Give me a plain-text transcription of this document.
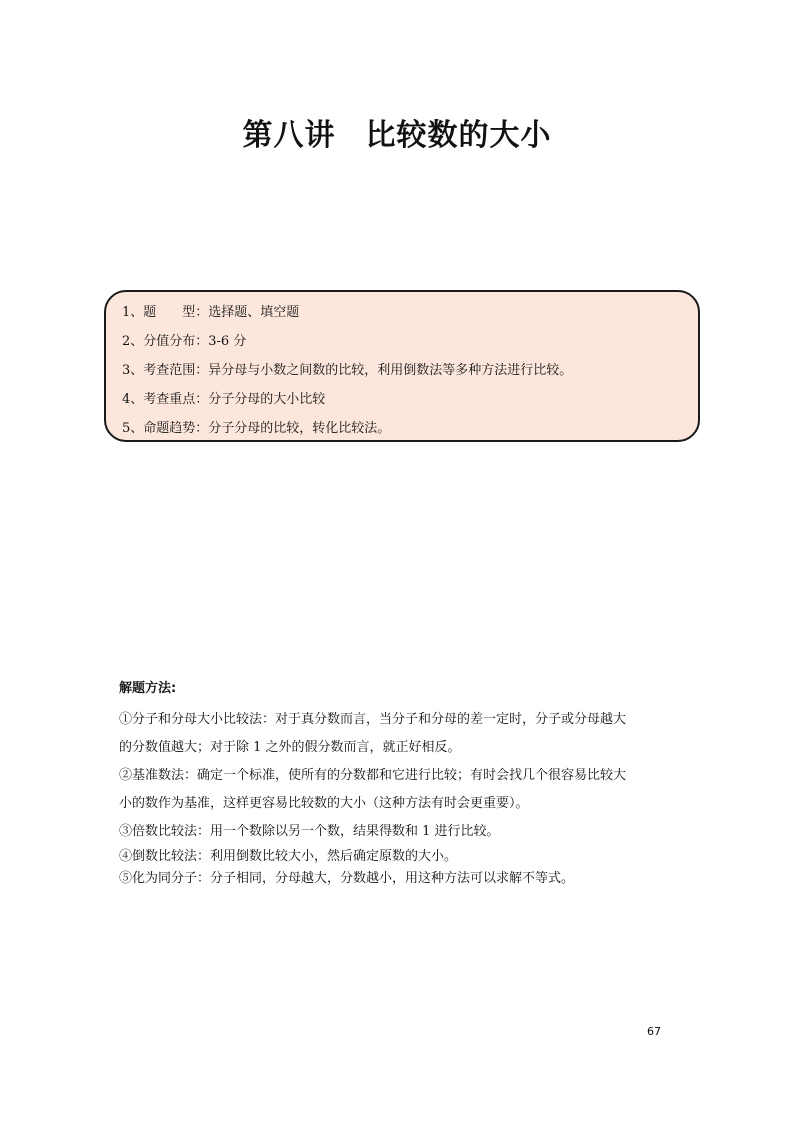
第八讲 比较数的大小
1、题　　型：选择题、填空题
2、分值分布：3-6 分
3、考查范围：异分母与小数之间数的比较，利用倒数法等多种方法进行比较。
4、考查重点：分子分母的大小比较
5、命题趋势：分子分母的比较，转化比较法。
解题方法:
①分子和分母大小比较法：对于真分数而言，当分子和分母的差一定时，分子或分母越大
的分数值越大；对于除 1 之外的假分数而言，就正好相反。
②基准数法：确定一个标准，使所有的分数都和它进行比较；有时会找几个很容易比较大
小的数作为基准，这样更容易比较数的大小（这种方法有时会更重要）。
③倍数比较法：用一个数除以另一个数，结果得数和 1 进行比较。
④倒数比较法：利用倒数比较大小，然后确定原数的大小。
⑤化为同分子：分子相同，分母越大，分数越小，用这种方法可以求解不等式。
67
